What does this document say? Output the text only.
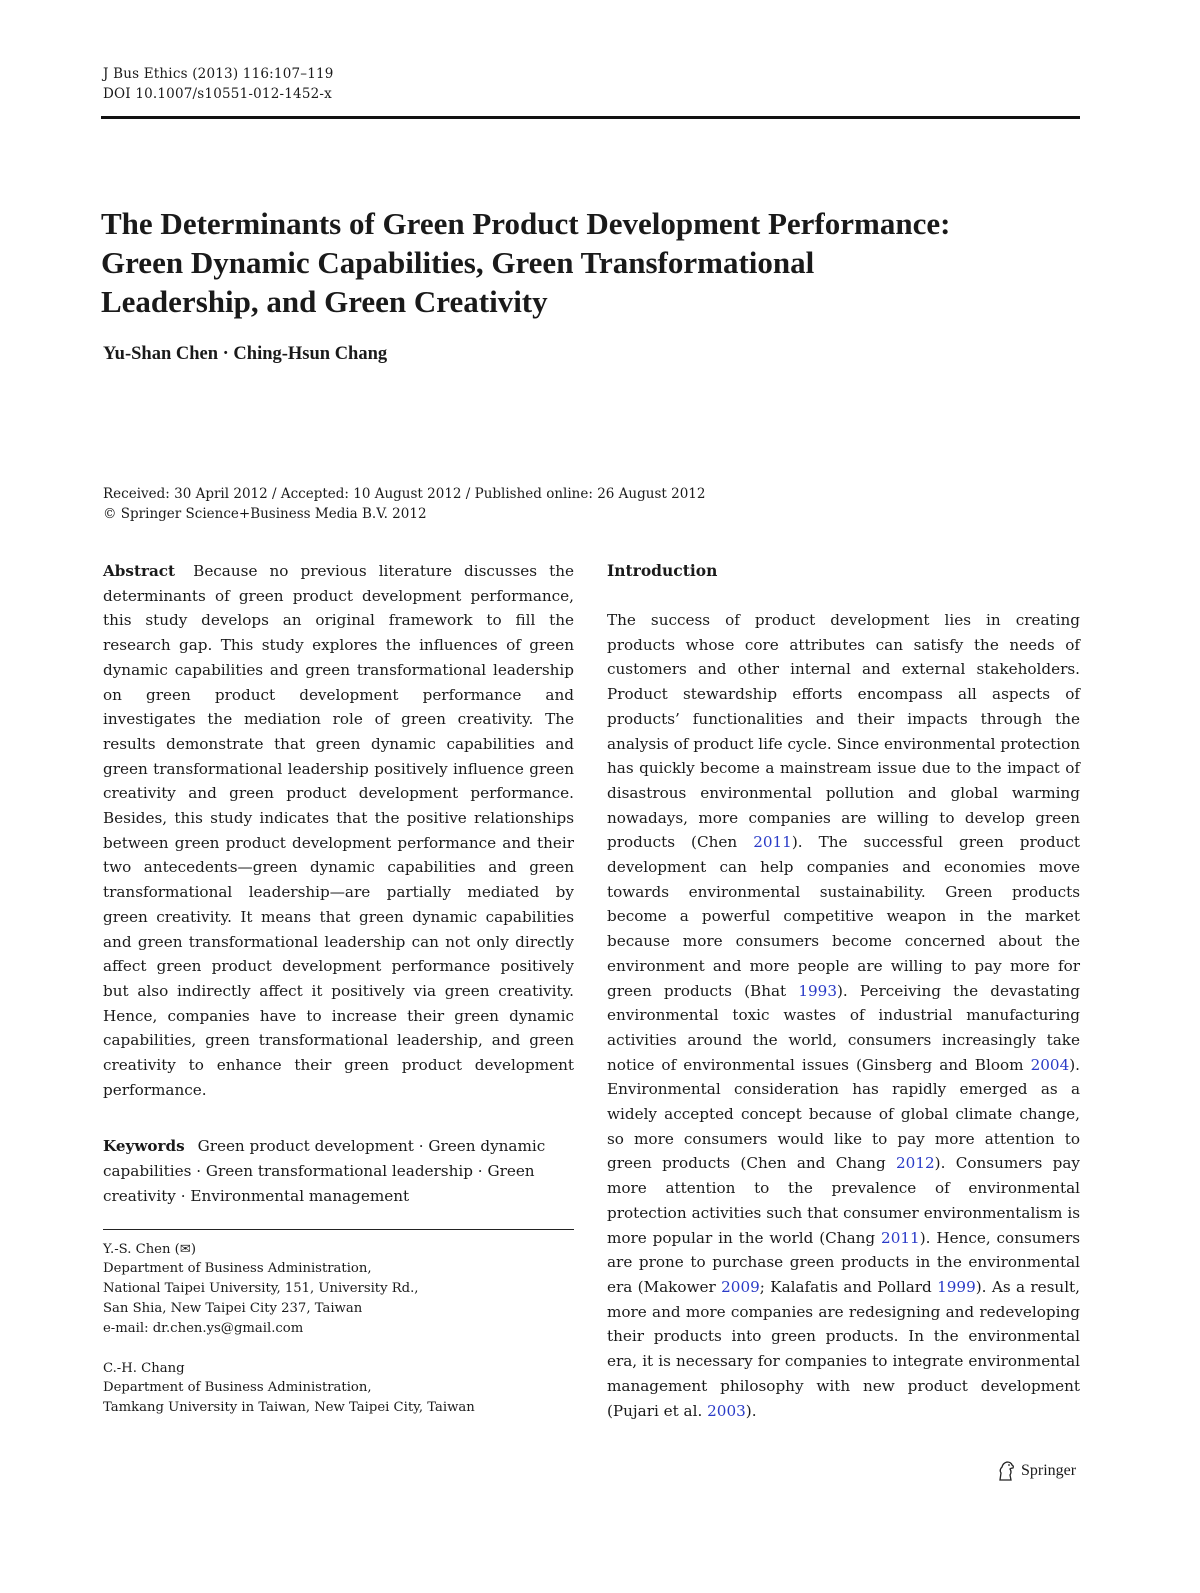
J Bus Ethics (2013) 116:107–119
DOI 10.1007/s10551-012-1452-x
The Determinants of Green Product Development Performance:
Green Dynamic Capabilities, Green Transformational
Leadership, and Green Creativity
Yu-Shan Chen · Ching-Hsun Chang
Received: 30 April 2012 / Accepted: 10 August 2012 / Published online: 26 August 2012
© Springer Science+Business Media B.V. 2012

Abstract Because no previous literature discusses the determinants of green product development performance, this study develops an original framework to fill the research gap. This study explores the influences of green dynamic capabilities and green transformational leadership on green product development performance and investigates the mediation role of green creativity. The results demonstrate that green dynamic capabilities and green transformational leadership positively influence green creativity and green product development performance. Besides, this study indicates that the positive relationships between green product development performance and their two antecedents—green dynamic capabilities and green transformational leadership—are partially mediated by green creativity. It means that green dynamic capabilities and green transformational leadership can not only directly affect green product development performance positively but also indirectly affect it positively via green creativity. Hence, companies have to increase their green dynamic capabilities, green transformational leadership, and green creativity to enhance their green product development performance.

Keywords Green product development · Green dynamic capabilities · Green transformational leadership · Green creativity · Environmental management

Y.-S. Chen (✉)
Department of Business Administration,
National Taipei University, 151, University Rd.,
San Shia, New Taipei City 237, Taiwan
e-mail: dr.chen.ys@gmail.com
C.-H. Chang
Department of Business Administration,
Tamkang University in Taiwan, New Taipei City, Taiwan
Introduction

The success of product development lies in creating products whose core attributes can satisfy the needs of customers and other internal and external stakeholders. Product stewardship efforts encompass all aspects of products’ functionalities and their impacts through the analysis of product life cycle. Since environmental protection has quickly become a mainstream issue due to the impact of disastrous environmental pollution and global warming nowadays, more companies are willing to develop green products (Chen 2011). The successful green product development can help companies and economies move towards environmental sustainability. Green products become a powerful competitive weapon in the market because more consumers become concerned about the environment and more people are willing to pay more for green products (Bhat 1993). Perceiving the devastating environmental toxic wastes of industrial manufacturing activities around the world, consumers increasingly take notice of environmental issues (Ginsberg and Bloom 2004). Environmental consideration has rapidly emerged as a widely accepted concept because of global climate change, so more consumers would like to pay more attention to green products (Chen and Chang 2012). Consumers pay more attention to the prevalence of environmental protection activities such that consumer environmentalism is more popular in the world (Chang 2011). Hence, consumers are prone to purchase green products in the environmental era (Makower 2009; Kalafatis and Pollard 1999). As a result, more and more companies are redesigning and redeveloping their products into green products. In the environmental era, it is necessary for companies to integrate environmental management philosophy with new product development (Pujari et al. 2003).

Springer
